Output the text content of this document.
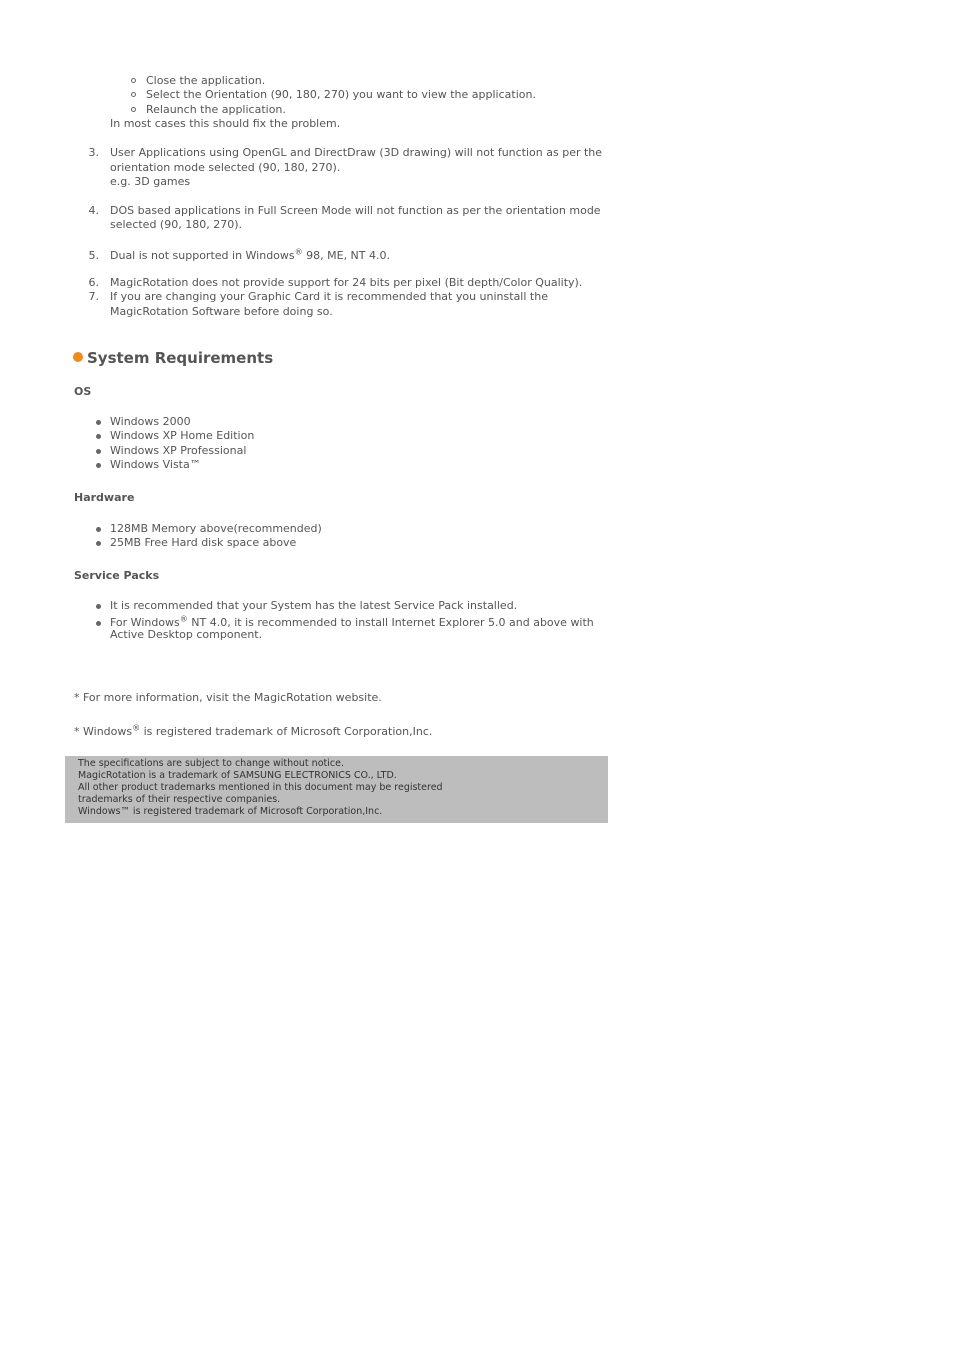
Close the application.
Select the Orientation (90, 180, 270) you want to view the application.
Relaunch the application.
In most cases this should fix the problem.
3. User Applications using OpenGL and DirectDraw (3D drawing) will not function as per the
orientation mode selected (90, 180, 270).
e.g. 3D games
4. DOS based applications in Full Screen Mode will not function as per the orientation mode
selected (90, 180, 270).
5. Dual is not supported in Windows® 98, ME, NT 4.0.
6. MagicRotation does not provide support for 24 bits per pixel (Bit depth/Color Quality).
7. If you are changing your Graphic Card it is recommended that you uninstall the
MagicRotation Software before doing so.
System Requirements
OS
Windows 2000
Windows XP Home Edition
Windows XP Professional
Windows Vista™
Hardware
128MB Memory above(recommended)
25MB Free Hard disk space above
Service Packs
It is recommended that your System has the latest Service Pack installed.
For Windows® NT 4.0, it is recommended to install Internet Explorer 5.0 and above with
Active Desktop component.
* For more information, visit the MagicRotation website.
* Windows® is registered trademark of Microsoft Corporation,Inc.
The specifications are subject to change without notice.
MagicRotation is a trademark of SAMSUNG ELECTRONICS CO., LTD.
All other product trademarks mentioned in this document may be registered
trademarks of their respective companies.
Windows™ is registered trademark of Microsoft Corporation,Inc.
